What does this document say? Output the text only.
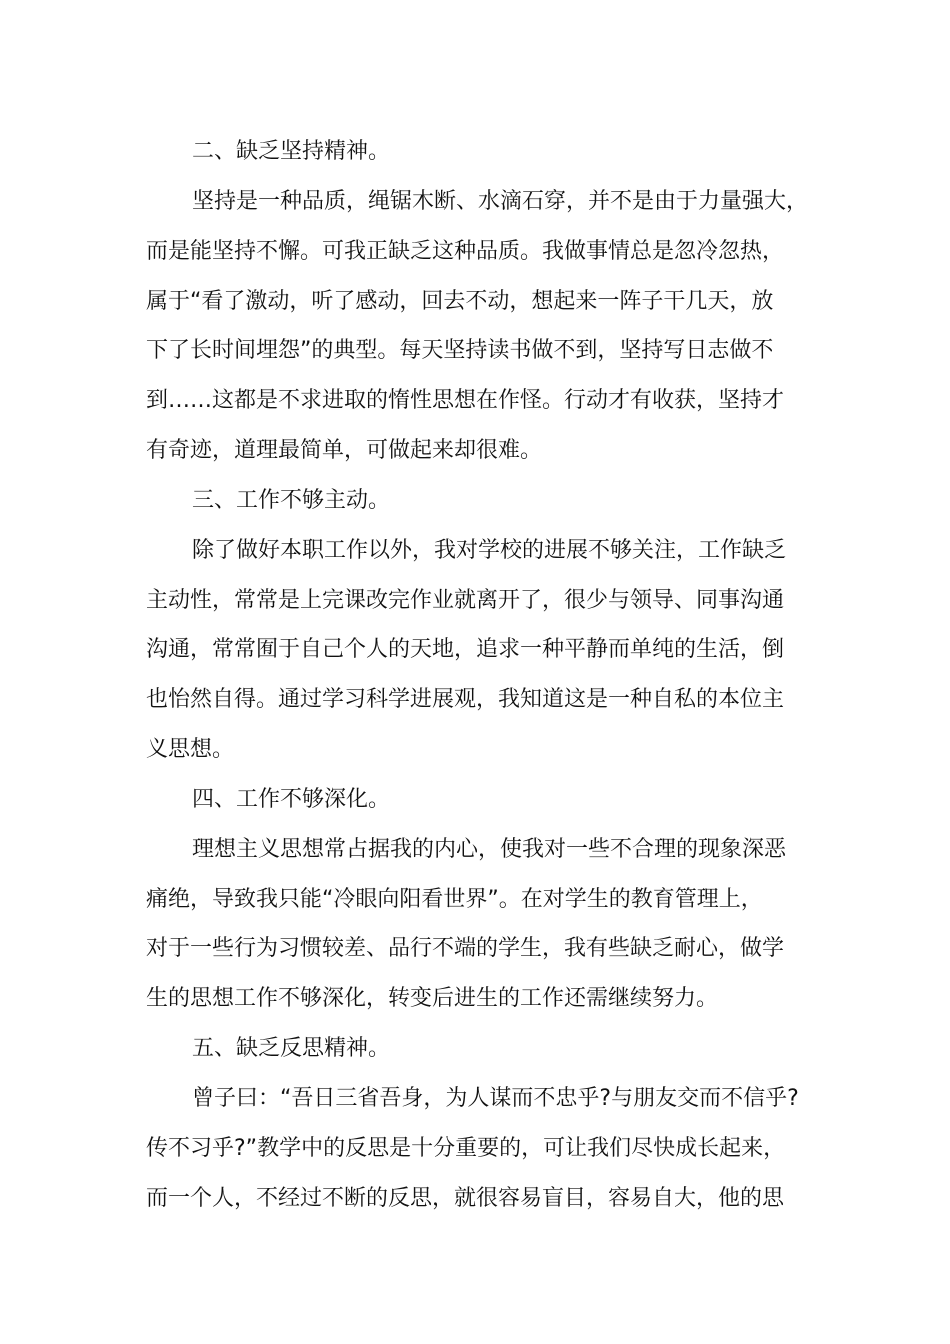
二、缺乏坚持精神。
坚持是一种品质，绳锯木断、水滴石穿，并不是由于力量强大，
而是能坚持不懈。可我正缺乏这种品质。我做事情总是忽冷忽热，
属于“看了激动，听了感动，回去不动，想起来一阵子干几天，放
下了长时间埋怨”的典型。每天坚持读书做不到，坚持写日志做不
到……这都是不求进取的惰性思想在作怪。行动才有收获，坚持才
有奇迹，道理最简单，可做起来却很难。
三、工作不够主动。
除了做好本职工作以外，我对学校的进展不够关注，工作缺乏
主动性，常常是上完课改完作业就离开了，很少与领导、同事沟通
沟通，常常囿于自己个人的天地，追求一种平静而单纯的生活，倒
也怡然自得。通过学习科学进展观，我知道这是一种自私的本位主
义思想。
四、工作不够深化。
理想主义思想常占据我的内心，使我对一些不合理的现象深恶
痛绝，导致我只能“冷眼向阳看世界”。在对学生的教育管理上，
对于一些行为习惯较差、品行不端的学生，我有些缺乏耐心，做学
生的思想工作不够深化，转变后进生的工作还需继续努力。
五、缺乏反思精神。
曾子曰：“吾日三省吾身，为人谋而不忠乎?与朋友交而不信乎?
传不习乎?”教学中的反思是十分重要的，可让我们尽快成长起来，
而一个人，不经过不断的反思，就很容易盲目，容易自大，他的思
